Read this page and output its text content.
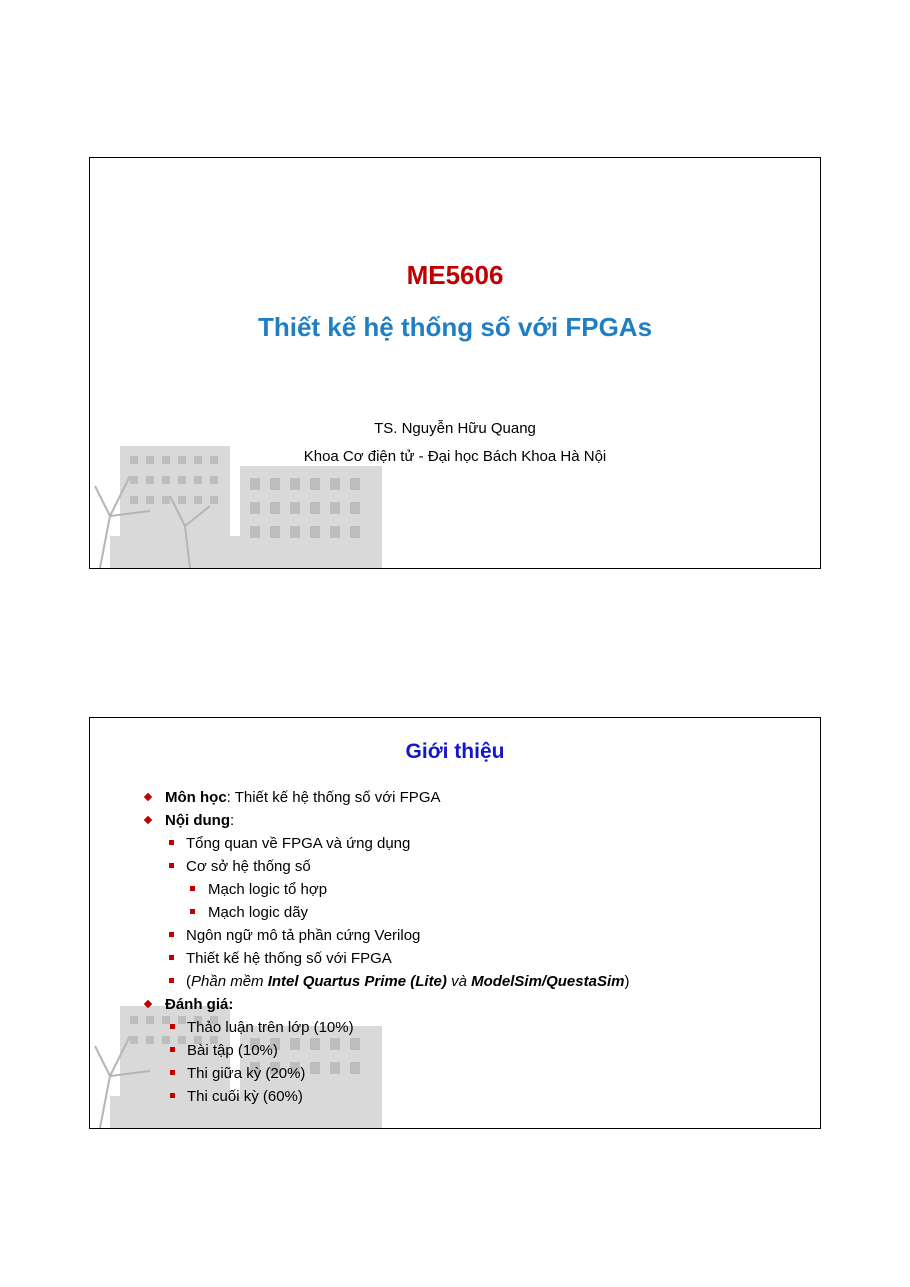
ME5606
Thiết kế hệ thống số với FPGAs
TS. Nguyễn Hữu Quang
Khoa Cơ điện tử - Đại học Bách Khoa Hà Nội
Giới thiệu
Môn học: Thiết kế hệ thống số với FPGA
Nội dung:
Tổng quan về FPGA và ứng dụng
Cơ sở hệ thống số
Mạch logic tổ hợp
Mạch logic dãy
Ngôn ngữ mô tả phần cứng Verilog
Thiết kế hệ thống số với FPGA
(Phần mềm Intel Quartus Prime (Lite) và ModelSim/QuestaSim)
Đánh giá:
Thảo luận trên lớp (10%)
Bài tập (10%)
Thi giữa kỳ (20%)
Thi cuối kỳ (60%)
